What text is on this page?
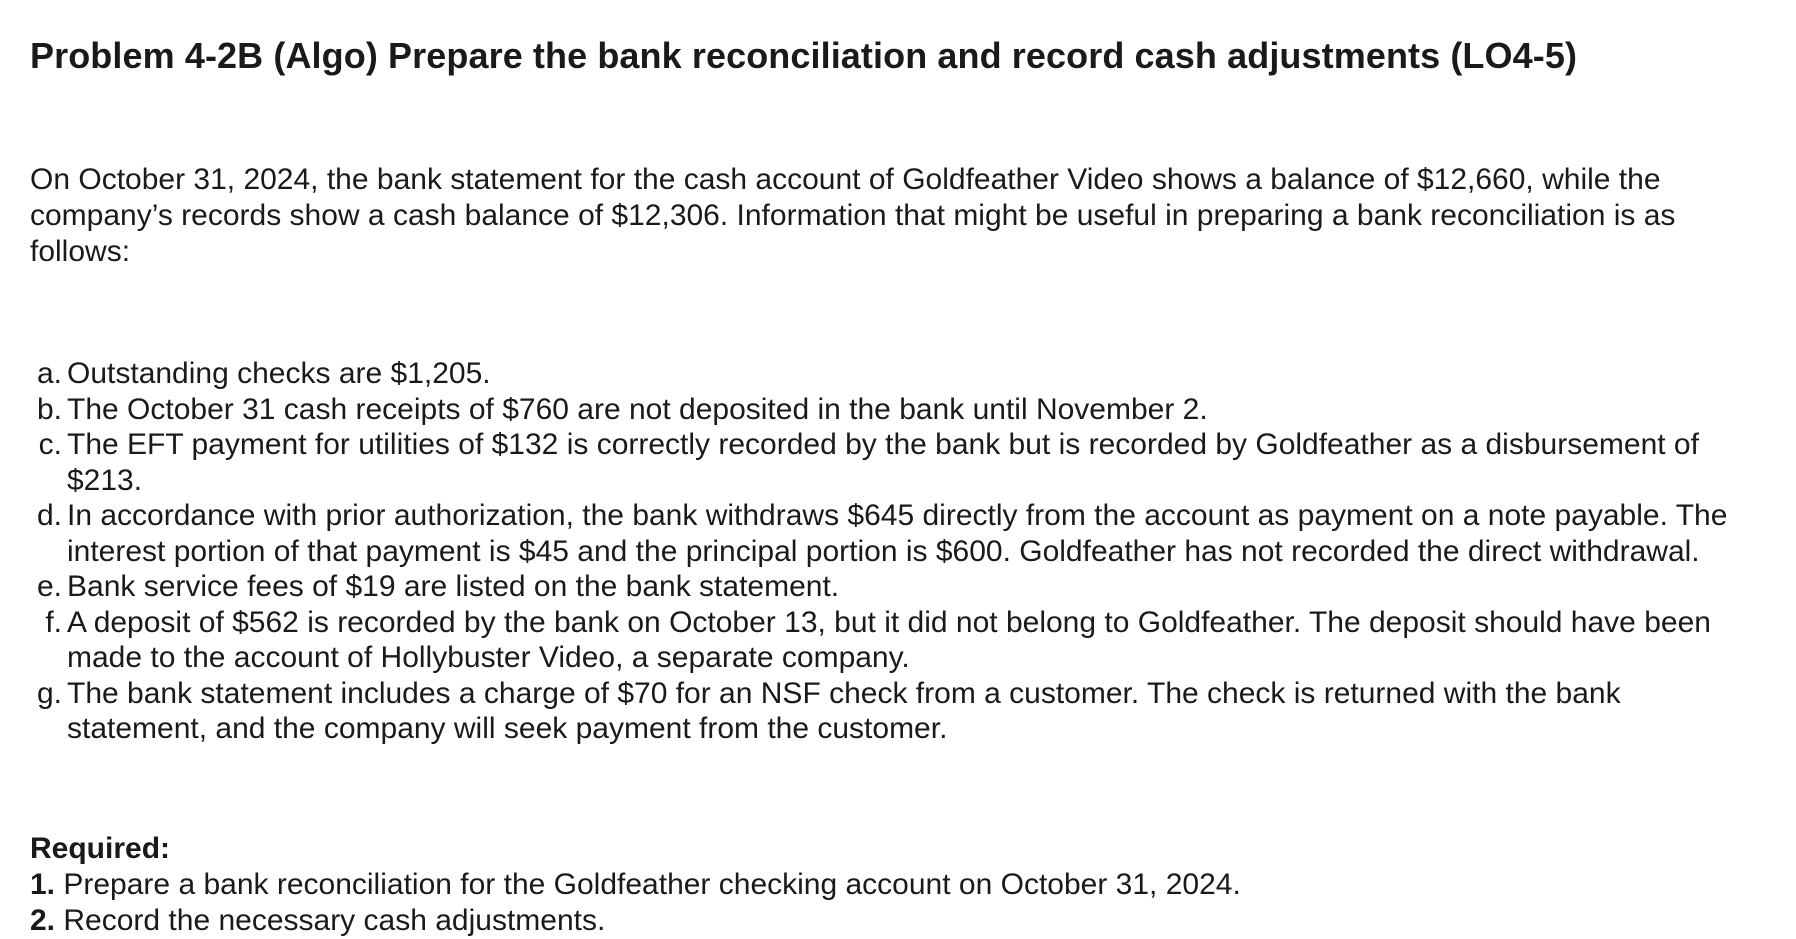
Problem 4-2B (Algo) Prepare the bank reconciliation and record cash adjustments (LO4-5)
On October 31, 2024, the bank statement for the cash account of Goldfeather Video shows a balance of $12,660, while the company’s records show a cash balance of $12,306. Information that might be useful in preparing a bank reconciliation is as follows:
a. Outstanding checks are $1,205.
b. The October 31 cash receipts of $760 are not deposited in the bank until November 2.
c. The EFT payment for utilities of $132 is correctly recorded by the bank but is recorded by Goldfeather as a disbursement of $213.
d. In accordance with prior authorization, the bank withdraws $645 directly from the account as payment on a note payable. The interest portion of that payment is $45 and the principal portion is $600. Goldfeather has not recorded the direct withdrawal.
e. Bank service fees of $19 are listed on the bank statement.
f. A deposit of $562 is recorded by the bank on October 13, but it did not belong to Goldfeather. The deposit should have been made to the account of Hollybuster Video, a separate company.
g. The bank statement includes a charge of $70 for an NSF check from a customer. The check is returned with the bank statement, and the company will seek payment from the customer.
Required:
1. Prepare a bank reconciliation for the Goldfeather checking account on October 31, 2024.
2. Record the necessary cash adjustments.
